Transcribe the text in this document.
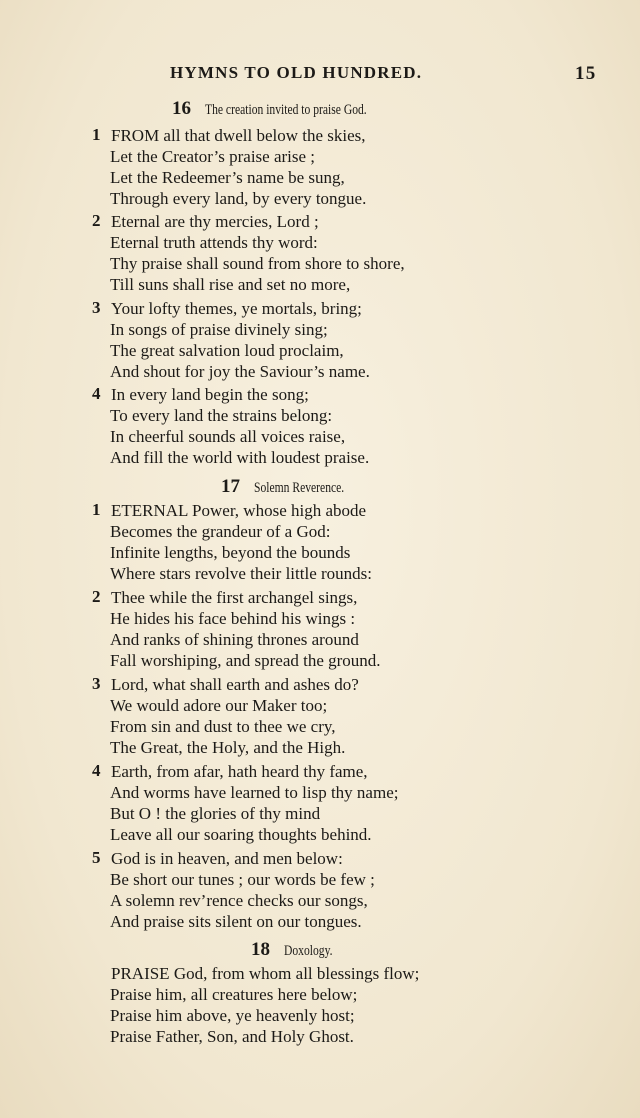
HYMNS TO OLD HUNDRED.	15
16 The creation invited to praise God.
1 FROM all that dwell below the skies,
Let the Creator’s praise arise ;
Let the Redeemer’s name be sung,
Through every land, by every tongue.
2 Eternal are thy mercies, Lord ;
Eternal truth attends thy word:
Thy praise shall sound from shore to shore,
Till suns shall rise and set no more,
3 Your lofty themes, ye mortals, bring;
In songs of praise divinely sing;
The great salvation loud proclaim,
And shout for joy the Saviour’s name.
4 In every land begin the song;
To every land the strains belong:
In cheerful sounds all voices raise,
And fill the world with loudest praise.
17 Solemn Reverence.
1 ETERNAL Power, whose high abode
Becomes the grandeur of a God:
Infinite lengths, beyond the bounds
Where stars revolve their little rounds:
2 Thee while the first archangel sings,
He hides his face behind his wings :
And ranks of shining thrones around
Fall worshiping, and spread the ground.
3 Lord, what shall earth and ashes do?
We would adore our Maker too;
From sin and dust to thee we cry,
The Great, the Holy, and the High.
4 Earth, from afar, hath heard thy fame,
And worms have learned to lisp thy name;
But O ! the glories of thy mind
Leave all our soaring thoughts behind.
5 God is in heaven, and men below:
Be short our tunes ; our words be few ;
A solemn rev’rence checks our songs,
And praise sits silent on our tongues.
18 Doxology.
PRAISE God, from whom all blessings flow;
Praise him, all creatures here below;
Praise him above, ye heavenly host;
Praise Father, Son, and Holy Ghost.
